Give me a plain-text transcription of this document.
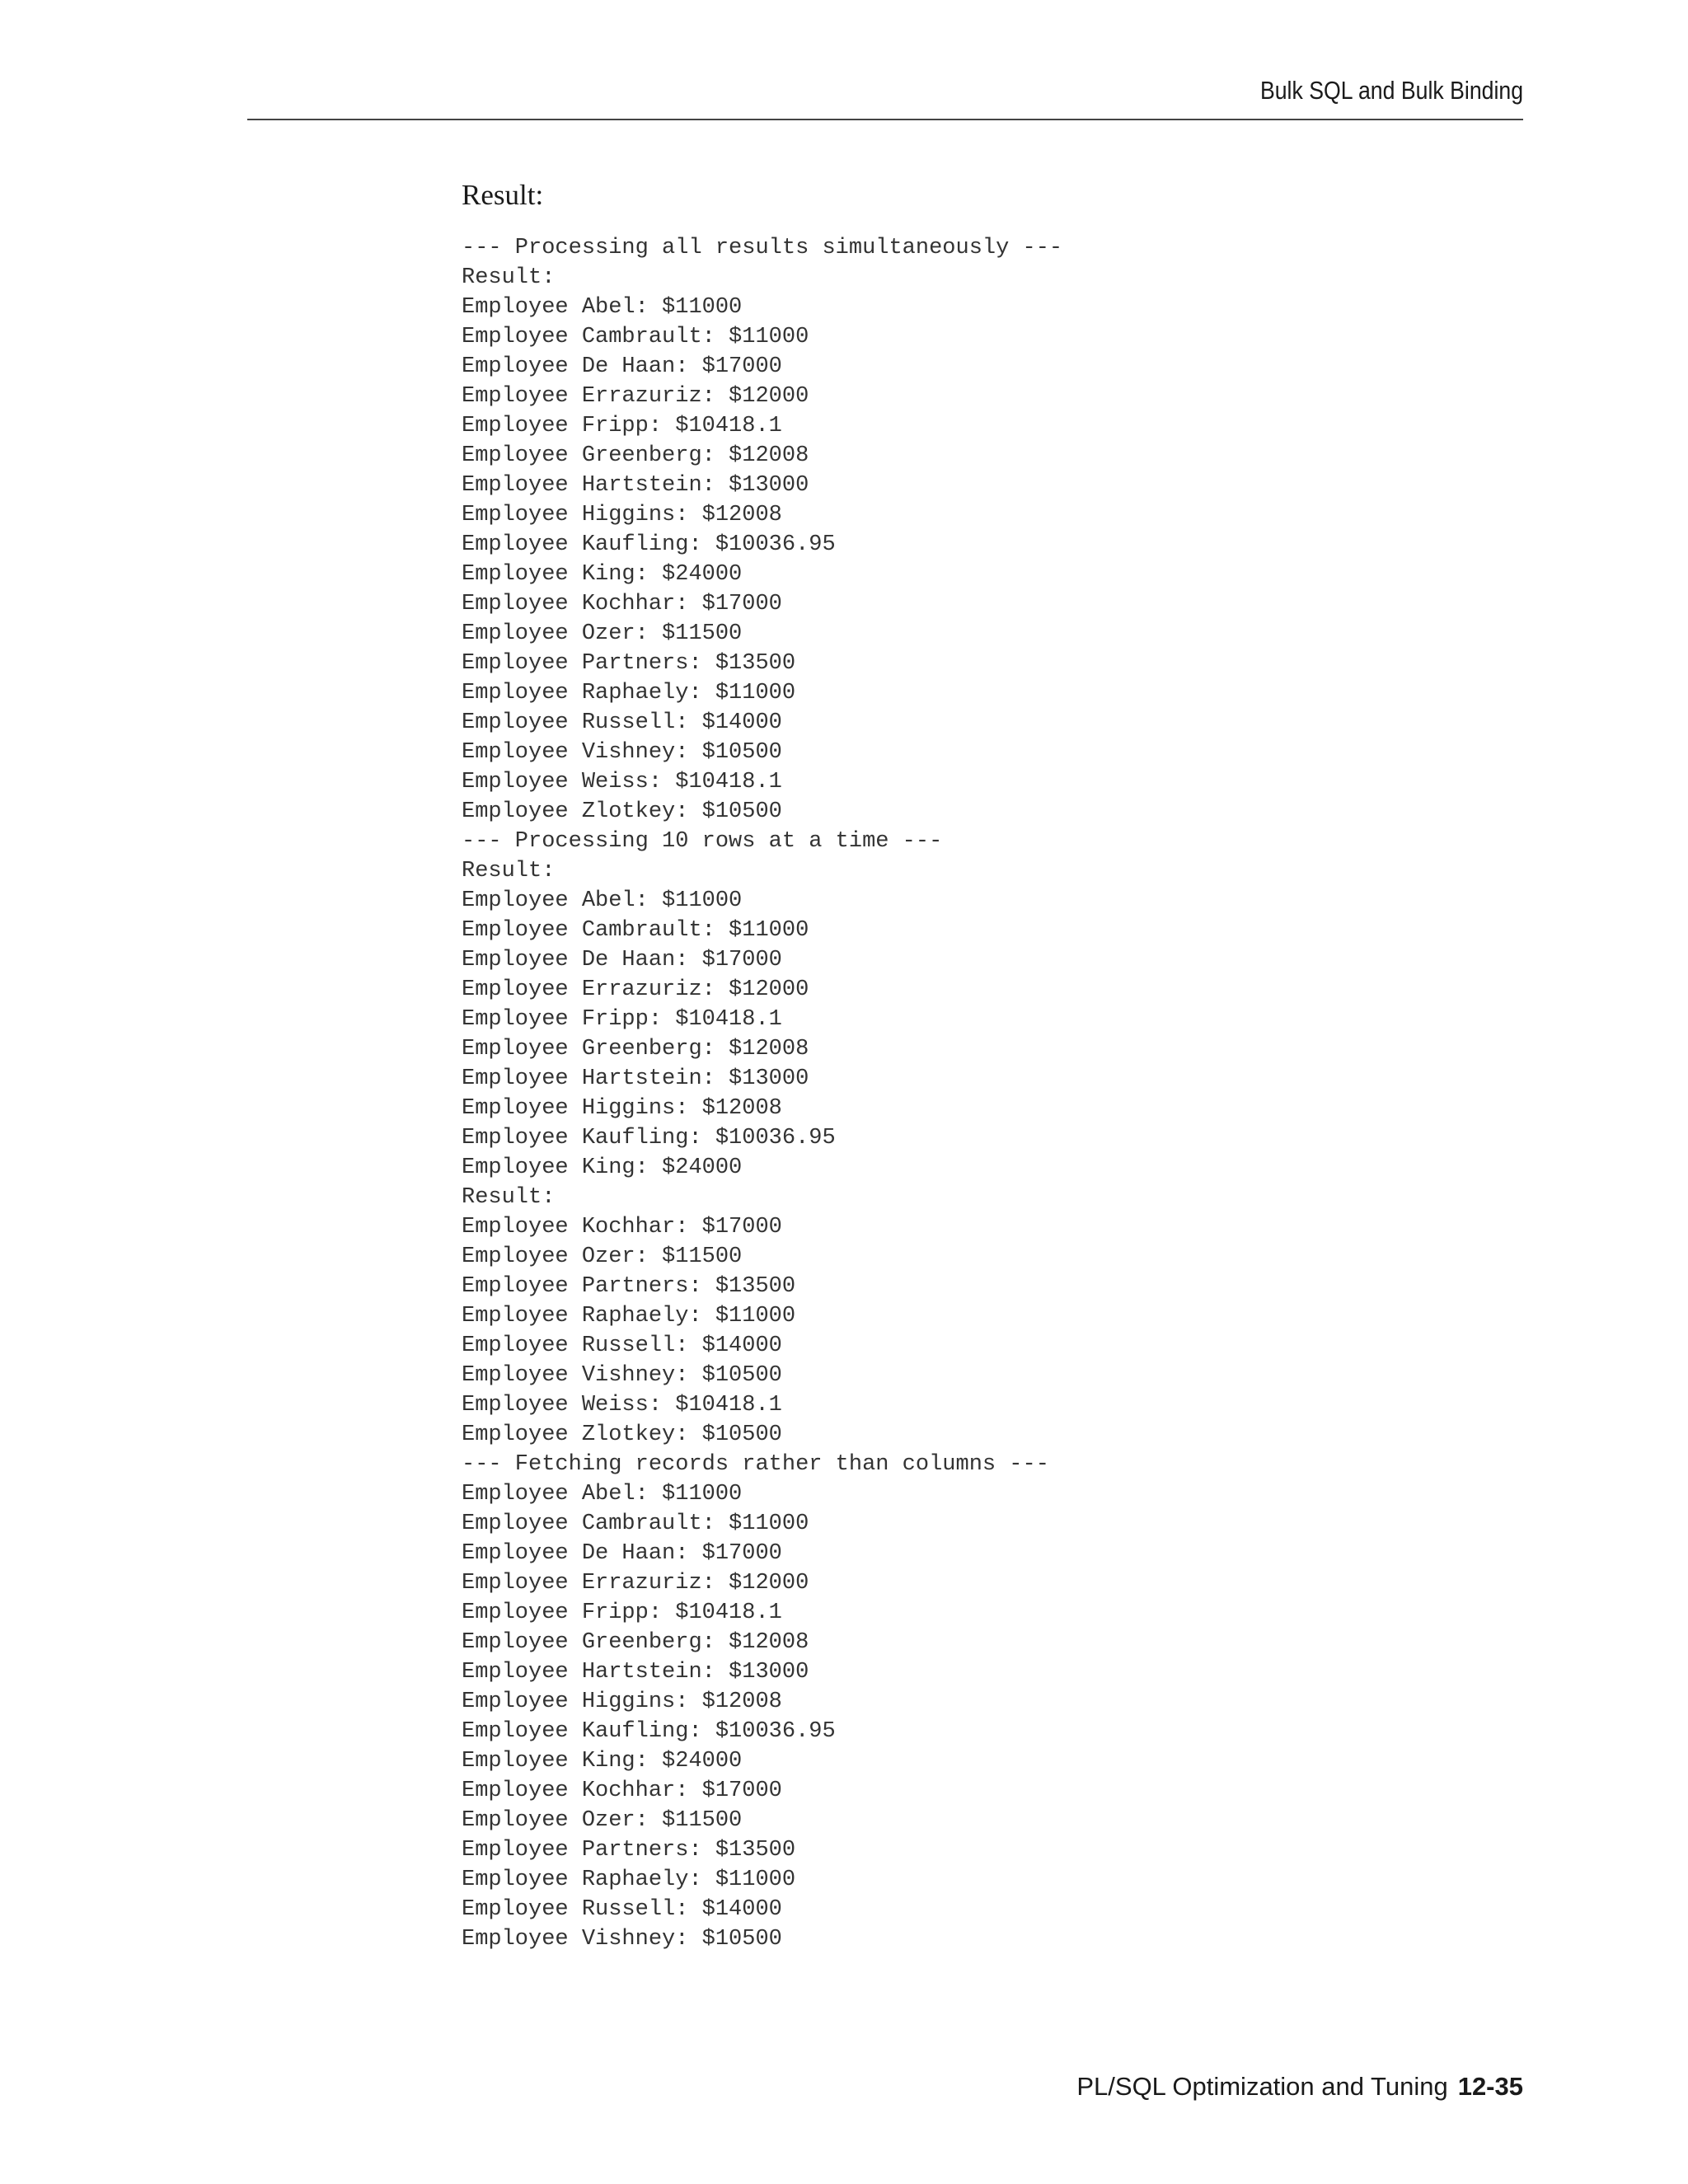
Bulk SQL and Bulk Binding
Result:
--- Processing all results simultaneously ---
Result:
Employee Abel: $11000
Employee Cambrault: $11000
Employee De Haan: $17000
Employee Errazuriz: $12000
Employee Fripp: $10418.1
Employee Greenberg: $12008
Employee Hartstein: $13000
Employee Higgins: $12008
Employee Kaufling: $10036.95
Employee King: $24000
Employee Kochhar: $17000
Employee Ozer: $11500
Employee Partners: $13500
Employee Raphaely: $11000
Employee Russell: $14000
Employee Vishney: $10500
Employee Weiss: $10418.1
Employee Zlotkey: $10500
--- Processing 10 rows at a time ---
Result:
Employee Abel: $11000
Employee Cambrault: $11000
Employee De Haan: $17000
Employee Errazuriz: $12000
Employee Fripp: $10418.1
Employee Greenberg: $12008
Employee Hartstein: $13000
Employee Higgins: $12008
Employee Kaufling: $10036.95
Employee King: $24000
Result:
Employee Kochhar: $17000
Employee Ozer: $11500
Employee Partners: $13500
Employee Raphaely: $11000
Employee Russell: $14000
Employee Vishney: $10500
Employee Weiss: $10418.1
Employee Zlotkey: $10500
--- Fetching records rather than columns ---
Employee Abel: $11000
Employee Cambrault: $11000
Employee De Haan: $17000
Employee Errazuriz: $12000
Employee Fripp: $10418.1
Employee Greenberg: $12008
Employee Hartstein: $13000
Employee Higgins: $12008
Employee Kaufling: $10036.95
Employee King: $24000
Employee Kochhar: $17000
Employee Ozer: $11500
Employee Partners: $13500
Employee Raphaely: $11000
Employee Russell: $14000
Employee Vishney: $10500
PL/SQL Optimization and Tuning 12-35
